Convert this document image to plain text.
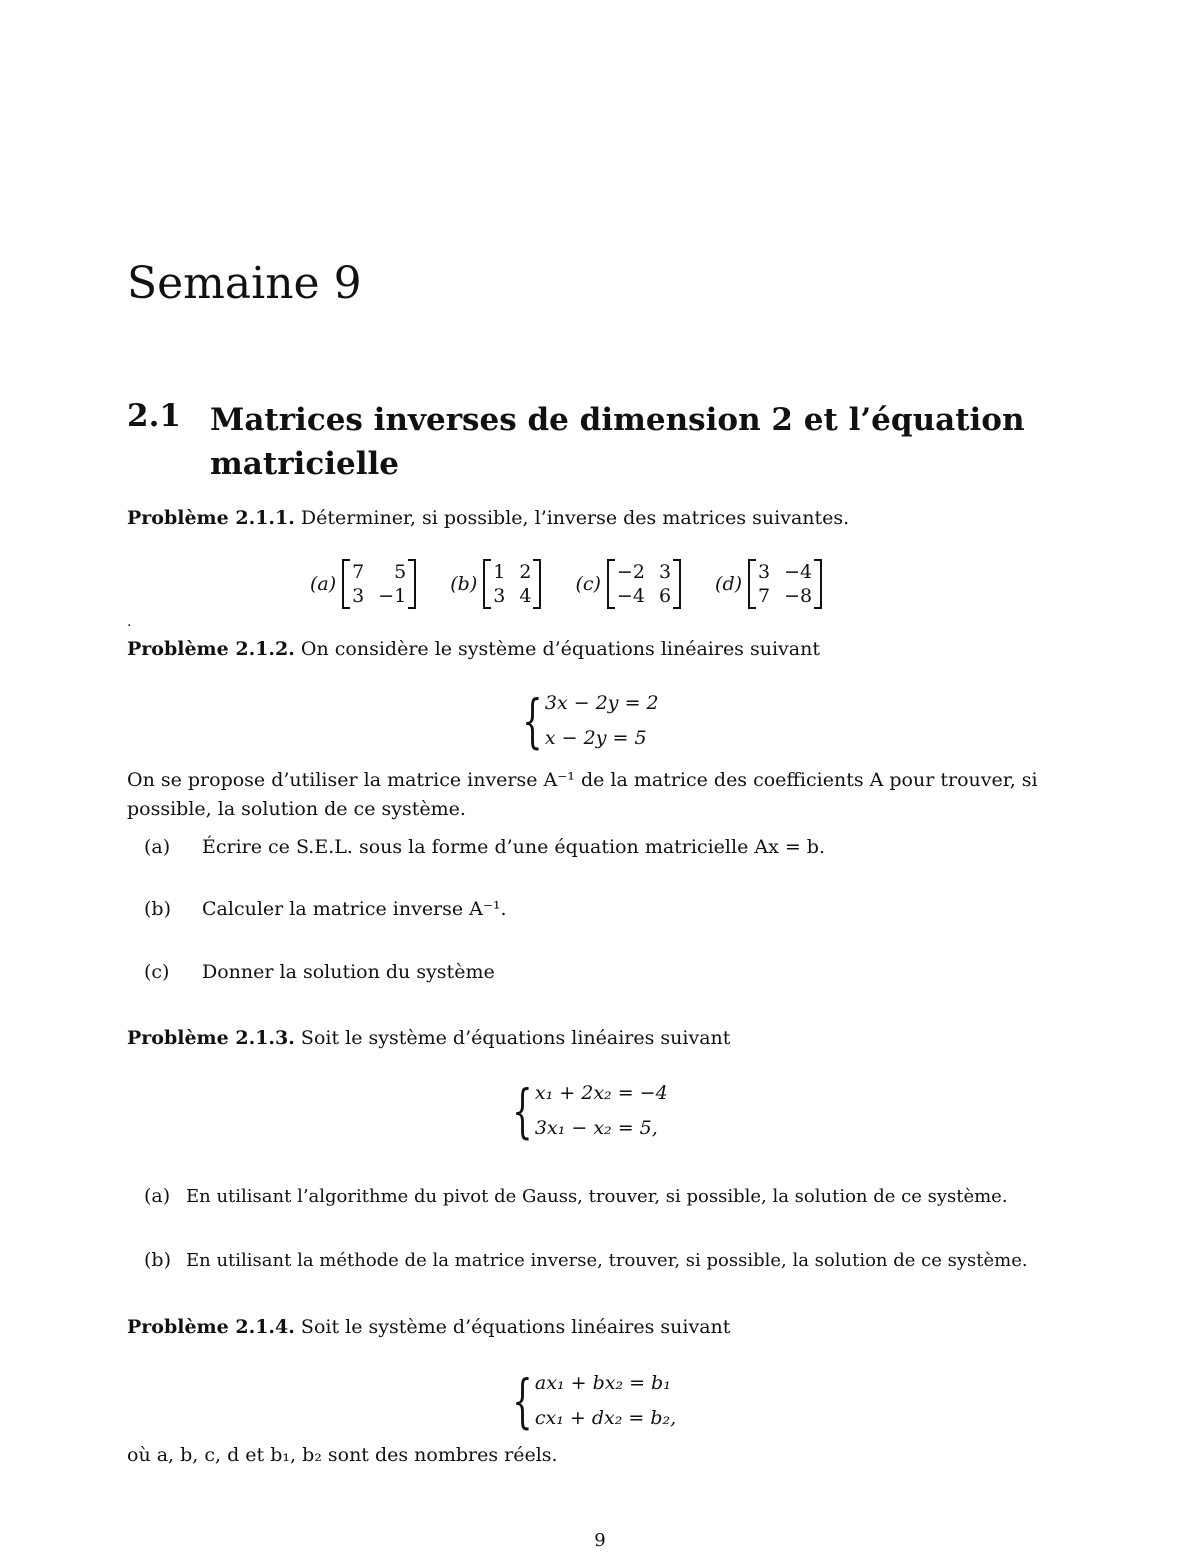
Semaine 9
2.1 Matrices inverses de dimension 2 et l’équation matricielle
Problème 2.1.1. Déterminer, si possible, l’inverse des matrices suivantes.
(a)
7	5
3 −1
(b)
1 2
3 4
(c)
−2 3
−4 6
(d)
3 −4
7 −8
.
Problème 2.1.2. On considère le système d’équations linéaires suivant
{ 3x − 2y = 2
x − 2y = 5
On se propose d’utiliser la matrice inverse A⁻¹ de la matrice des coefficients A pour trouver, si possible, la solution de ce système.
(a) Écrire ce S.E.L. sous la forme d’une équation matricielle Ax = b.
(b) Calculer la matrice inverse A⁻¹.
(c) Donner la solution du système
Problème 2.1.3. Soit le système d’équations linéaires suivant
{ x₁ + 2x₂ = −4
3x₁ − x₂ = 5,
(a) En utilisant l’algorithme du pivot de Gauss, trouver, si possible, la solution de ce système.
(b) En utilisant la méthode de la matrice inverse, trouver, si possible, la solution de ce système.
Problème 2.1.4. Soit le système d’équations linéaires suivant
{ ax₁ + bx₂ = b₁
cx₁ + dx₂ = b₂,
où a, b, c, d et b₁, b₂ sont des nombres réels.
9
